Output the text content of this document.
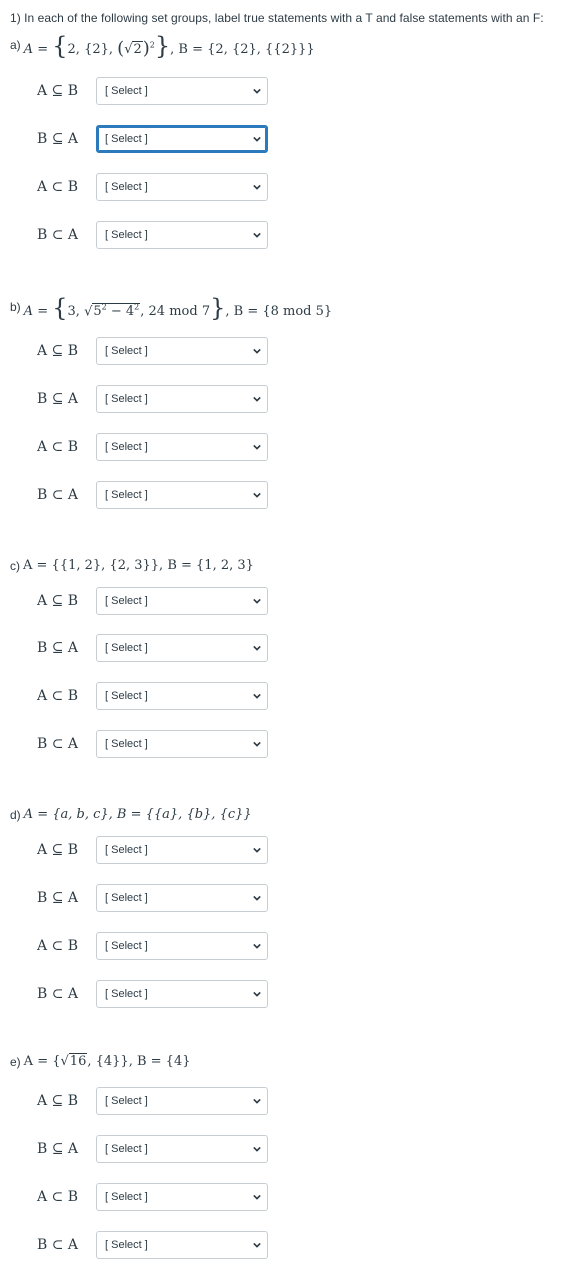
1) In each of the following set groups, label true statements with a T and false statements with an F:
a) A = {2, {2}, $(√2)^2$}, B = {2, {2}, {{2}}}
A ⊆ B [ Select ]
B ⊆ A [ Select ]
A ⊂ B [ Select ]
B ⊂ A [ Select ]
b) A = {3, $√5^2 - 4^2$, 24 mod 7}, B = {8 mod 5}
A ⊆ B [ Select ]
B ⊆ A [ Select ]
A ⊂ B [ Select ]
B ⊂ A [ Select ]
c) A = {{1, 2}, {2, 3}}, B = {1, 2, 3}
A ⊆ B [ Select ]
B ⊆ A [ Select ]
A ⊂ B [ Select ]
B ⊂ A [ Select ]
d) A = {a, b, c}, B = {{a}, {b}, {c}}
A ⊆ B [ Select ]
B ⊆ A [ Select ]
A ⊂ B [ Select ]
B ⊂ A [ Select ]
e) A = {√16, {4}}, B = {4}
A ⊆ B [ Select ]
B ⊆ A [ Select ]
A ⊂ B [ Select ]
B ⊂ A [ Select ]
